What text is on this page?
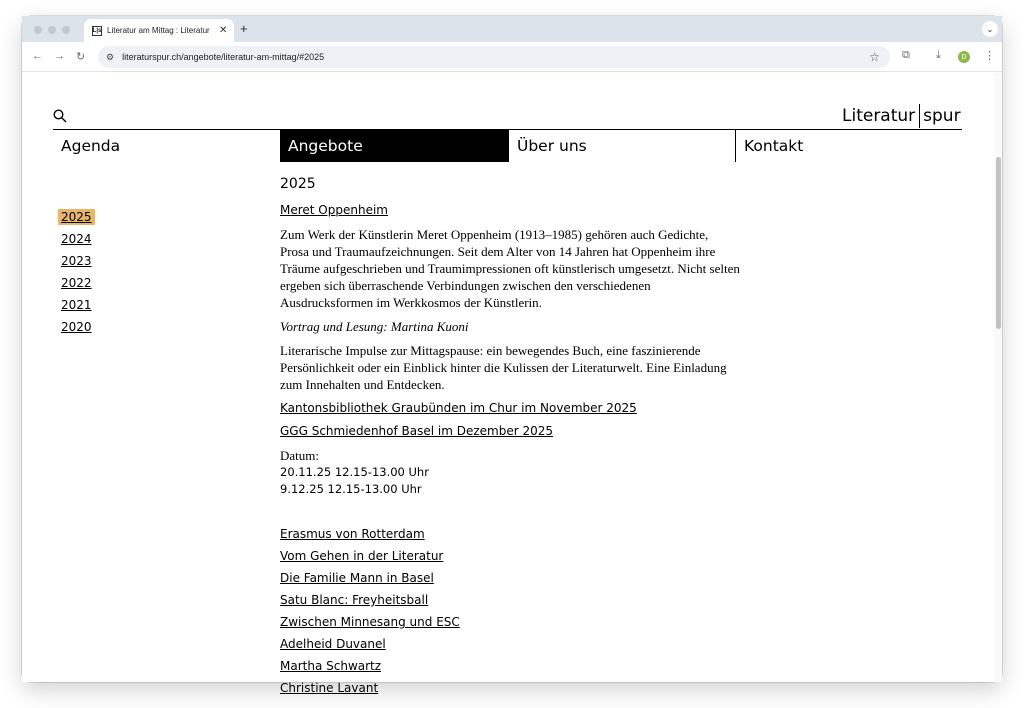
L|s Literatur am Mittag : Literatur ✕ +	⌄
← → ↻ ⚙ literaturspur.ch/angebote/literatur-am-mittag/#2025	☆ ⧉ ⤓	D	⋮
Literatur spur
Agenda	Angebote	Über uns	Kontakt
2025
2025
2024
2023
2022
2021
2020
Meret Oppenheim

Zum Werk der Künstlerin Meret Oppenheim (1913–1985) gehören auch Gedichte, Prosa und Traumaufzeichnungen. Seit dem Alter von 14 Jahren hat Oppenheim ihre Träume aufgeschrieben und Traumimpressionen oft künstlerisch umgesetzt. Nicht selten ergeben sich überraschende Verbindungen zwischen den verschiedenen Ausdrucksformen im Werkkosmos der Künstlerin.

Vortrag und Lesung: Martina Kuoni

Literarische Impulse zur Mittagspause: ein bewegendes Buch, eine faszinierende Persönlichkeit oder ein Einblick hinter die Kulissen der Literaturwelt. Eine Einladung zum Innehalten und Entdecken.

Kantonsbibliothek Graubünden im Chur im November 2025
GGG Schmiedenhof Basel im Dezember 2025
Datum:
20.11.25 12.15-13.00 Uhr
9.12.25 12.15-13.00 Uhr
Erasmus von Rotterdam
Vom Gehen in der Literatur
Die Familie Mann in Basel
Satu Blanc: Freyheitsball
Zwischen Minnesang und ESC
Adelheid Duvanel
Martha Schwartz
Christine Lavant
